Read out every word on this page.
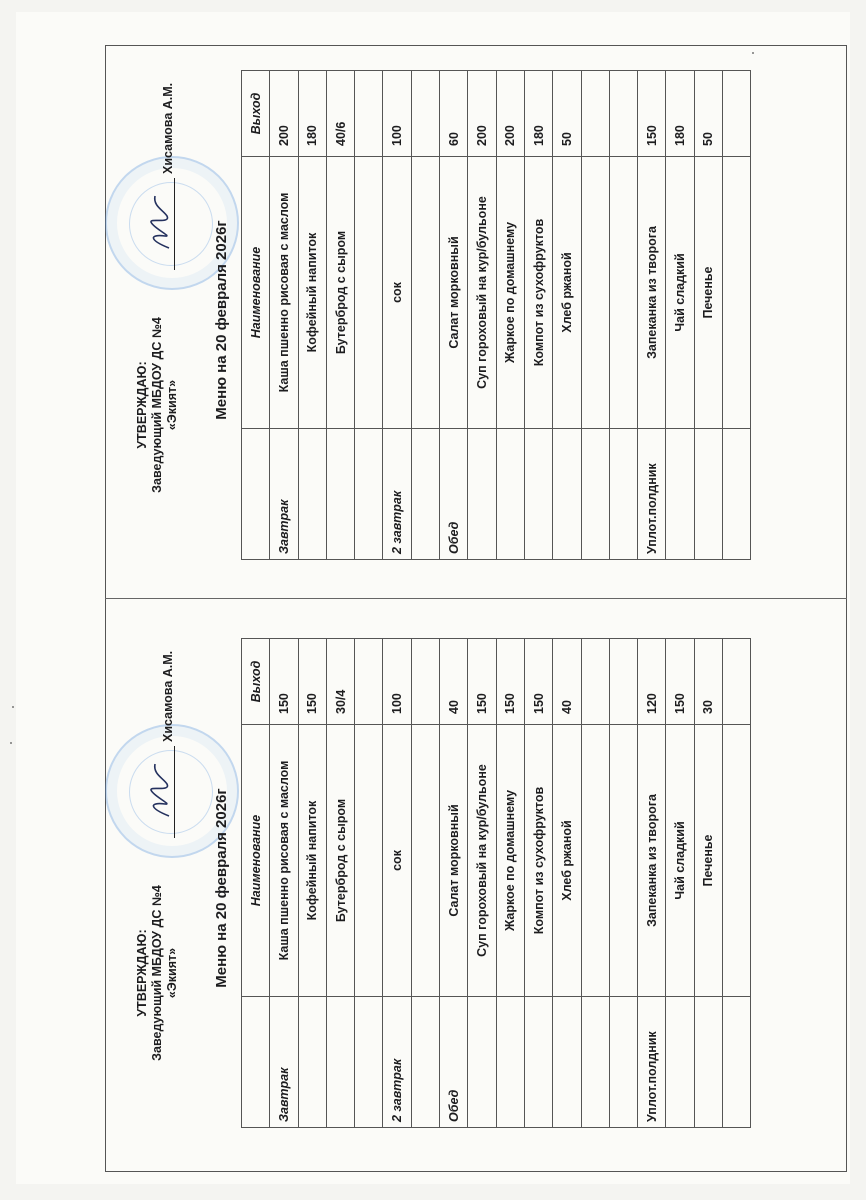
УТВЕРЖДАЮ: Заведующий МБДОУ ДС №4 «Экият»
Хисамова А.М.
Меню на 20 февраля 2026г
	Наименование	Выход
Завтрак	Каша пшенно рисовая с маслом	200
	Кофейный напиток	180
	Бутерброд с сыром	40/6

2 завтрак	сок	100

Обед	Салат морковный	60
	Суп гороховый на кур/бульоне	200
	Жаркое по домашнему	200
	Компот из сухофруктов	180
	Хлеб ржаной	50

Уплот.полдник	Запеканка из творога	150
	Чай сладкий	180
	Печенье	50

УТВЕРЖДАЮ: Заведующий МБДОУ ДС №4 «Экият»
Хисамова А.М.
Меню на 20 февраля 2026г
	Наименование	Выход
Завтрак	Каша пшенно рисовая с маслом	150
	Кофейный напиток	150
	Бутерброд с сыром	30/4

2 завтрак	сок	100

Обед	Салат морковный	40
	Суп гороховый на кур/бульоне	150
	Жаркое по домашнему	150
	Компот из сухофруктов	150
	Хлеб ржаной	40

Уплот.полдник	Запеканка из творога	120
	Чай сладкий	150
	Печенье	30
